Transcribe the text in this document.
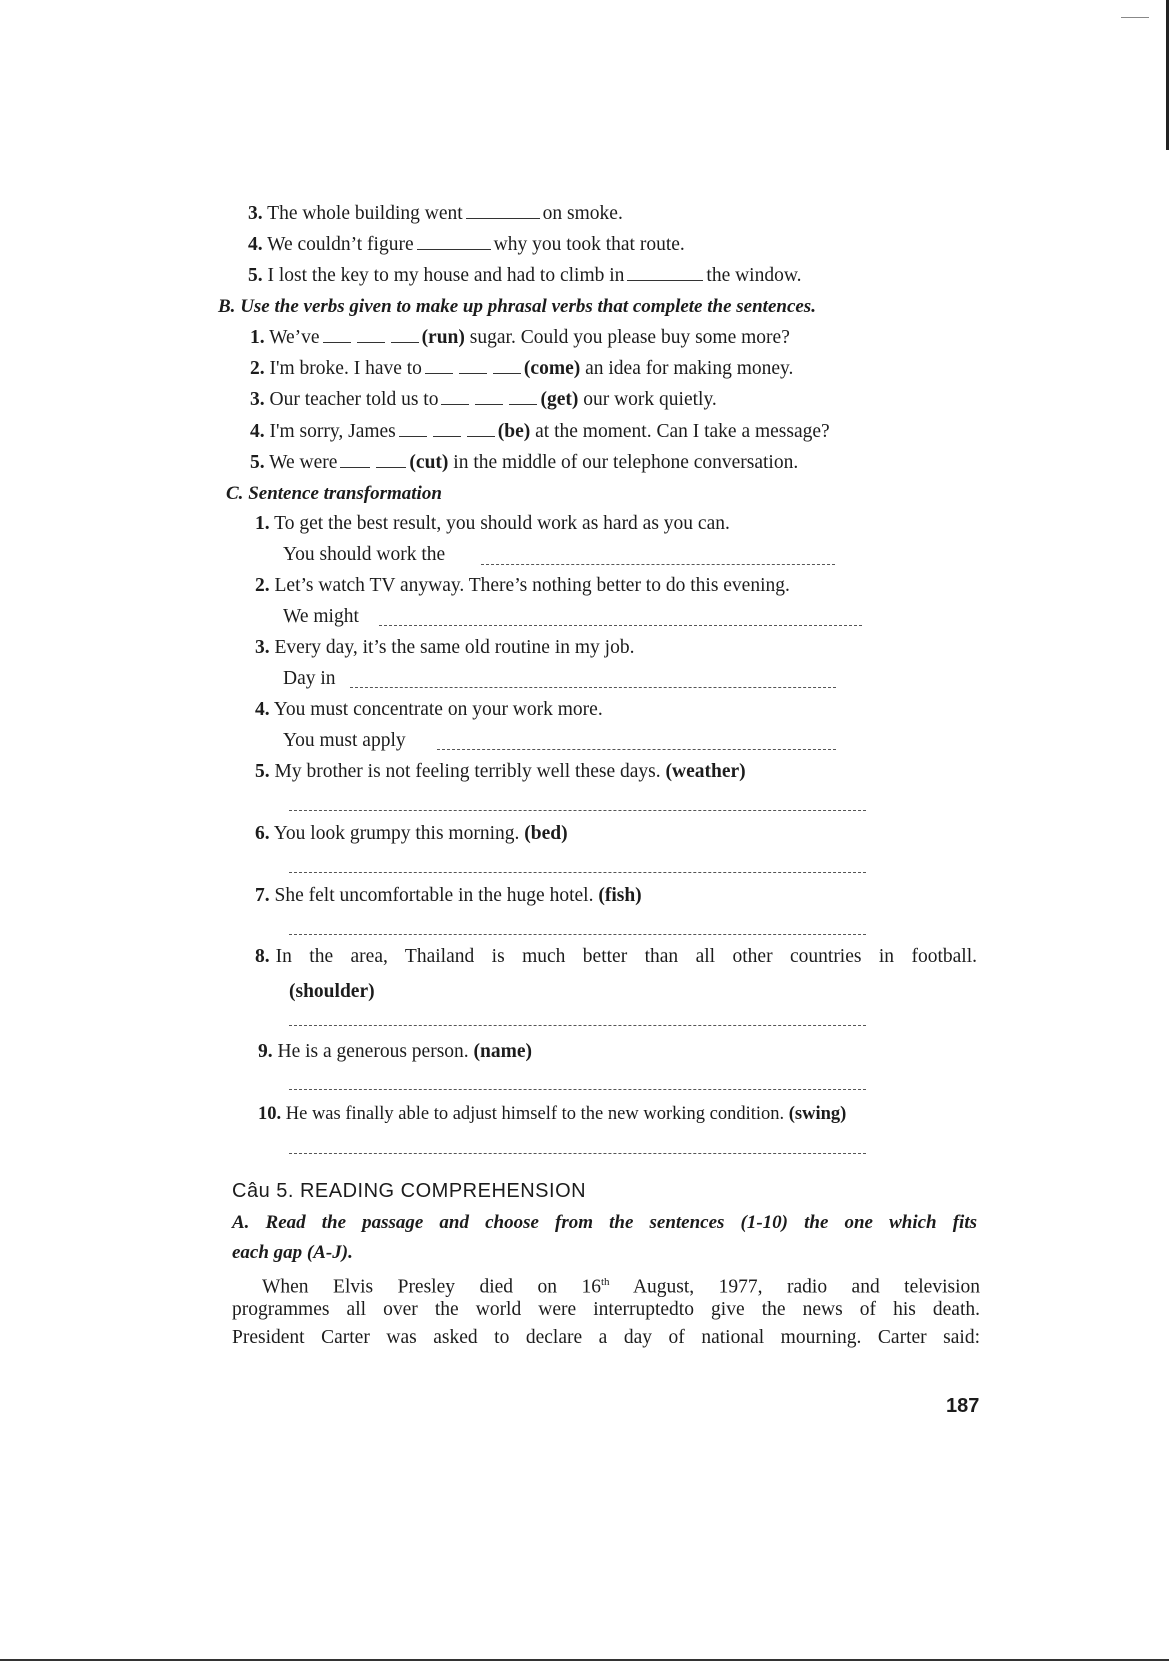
3. The whole building went	on smoke.
4. We couldn’t figure	why you took that route.
5. I lost the key to my house and had to climb in	the window.
B. Use the verbs given to make up phrasal verbs that complete the sentences.
1. We’ve	(run) sugar. Could you please buy some more?
2. I'm broke. I have to	(come) an idea for making money.
3. Our teacher told us to	(get) our work quietly.
4. I'm sorry, James	(be) at the moment. Can I take a message?
5. We were	(cut) in the middle of our telephone conversation.
C. Sentence transformation
1. To get the best result, you should work as hard as you can.
You should work the
2. Let’s watch TV anyway. There’s nothing better to do this evening.
We might
3. Every day, it’s the same old routine in my job.
Day in
4. You must concentrate on your work more.
You must apply
5. My brother is not feeling terribly well these days. (weather)
6. You look grumpy this morning. (bed)
7. She felt uncomfortable in the huge hotel. (fish)
8. In the area, Thailand is much better than all other countries in football.
(shoulder)
9. He is a generous person. (name)
10. He was finally able to adjust himself to the new working condition. (swing)
Câu 5. READING COMPREHENSION
A. Read the passage and choose from the sentences (1-10) the one which fits
each gap (A-J).
When Elvis Presley died on 16th August, 1977, radio and television
programmes all over the world were interruptedto give the news of his death.
President Carter was asked to declare a day of national mourning. Carter said:
187
